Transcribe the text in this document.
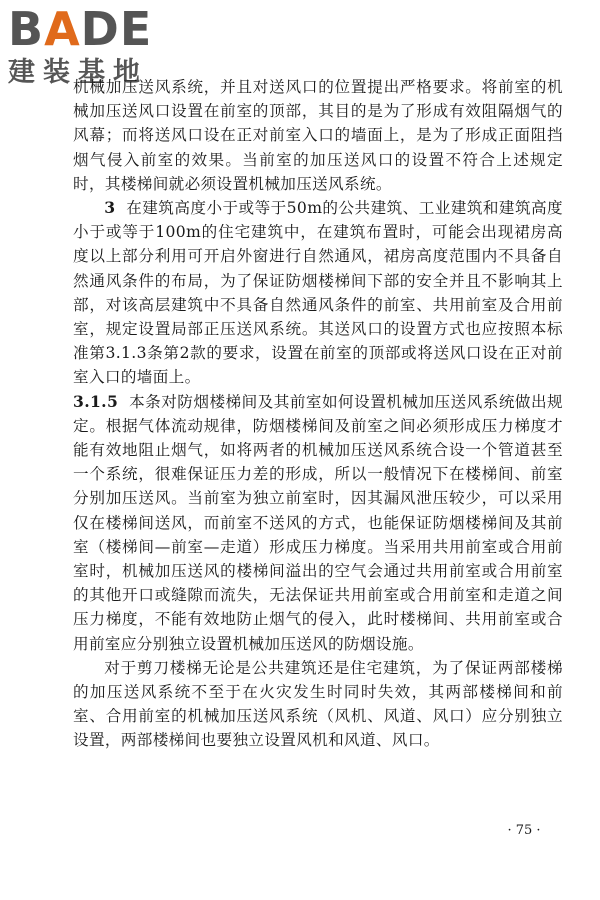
BADE
建装基地

机械加压送风系统，并且对送风口的位置提出严格要求。将前室的机械加压送风口设置在前室的顶部，其目的是为了形成有效阻隔烟气的风幕；而将送风口设在正对前室入口的墙面上，是为了形成正面阻挡烟气侵入前室的效果。当前室的加压送风口的设置不符合上述规定时，其楼梯间就必须设置机械加压送风系统。

3 在建筑高度小于或等于50m的公共建筑、工业建筑和建筑高度小于或等于100m的住宅建筑中，在建筑布置时，可能会出现裙房高度以上部分利用可开启外窗进行自然通风，裙房高度范围内不具备自然通风条件的布局，为了保证防烟楼梯间下部的安全并且不影响其上部，对该高层建筑中不具备自然通风条件的前室、共用前室及合用前室，规定设置局部正压送风系统。其送风口的设置方式也应按照本标准第3.1.3条第2款的要求，设置在前室的顶部或将送风口设在正对前室入口的墙面上。

3.1.5 本条对防烟楼梯间及其前室如何设置机械加压送风系统做出规定。根据气体流动规律，防烟楼梯间及前室之间必须形成压力梯度才能有效地阻止烟气，如将两者的机械加压送风系统合设一个管道甚至一个系统，很难保证压力差的形成，所以一般情况下在楼梯间、前室分别加压送风。当前室为独立前室时，因其漏风泄压较少，可以采用仅在楼梯间送风，而前室不送风的方式，也能保证防烟楼梯间及其前室（楼梯间—前室—走道）形成压力梯度。当采用共用前室或合用前室时，机械加压送风的楼梯间溢出的空气会通过共用前室或合用前室的其他开口或缝隙而流失，无法保证共用前室或合用前室和走道之间压力梯度，不能有效地防止烟气的侵入，此时楼梯间、共用前室或合用前室应分别独立设置机械加压送风的防烟设施。

对于剪刀楼梯无论是公共建筑还是住宅建筑，为了保证两部楼梯的加压送风系统不至于在火灾发生时同时失效，其两部楼梯间和前室、合用前室的机械加压送风系统（风机、风道、风口）应分别独立设置，两部楼梯间也要独立设置风机和风道、风口。

· 75 ·
